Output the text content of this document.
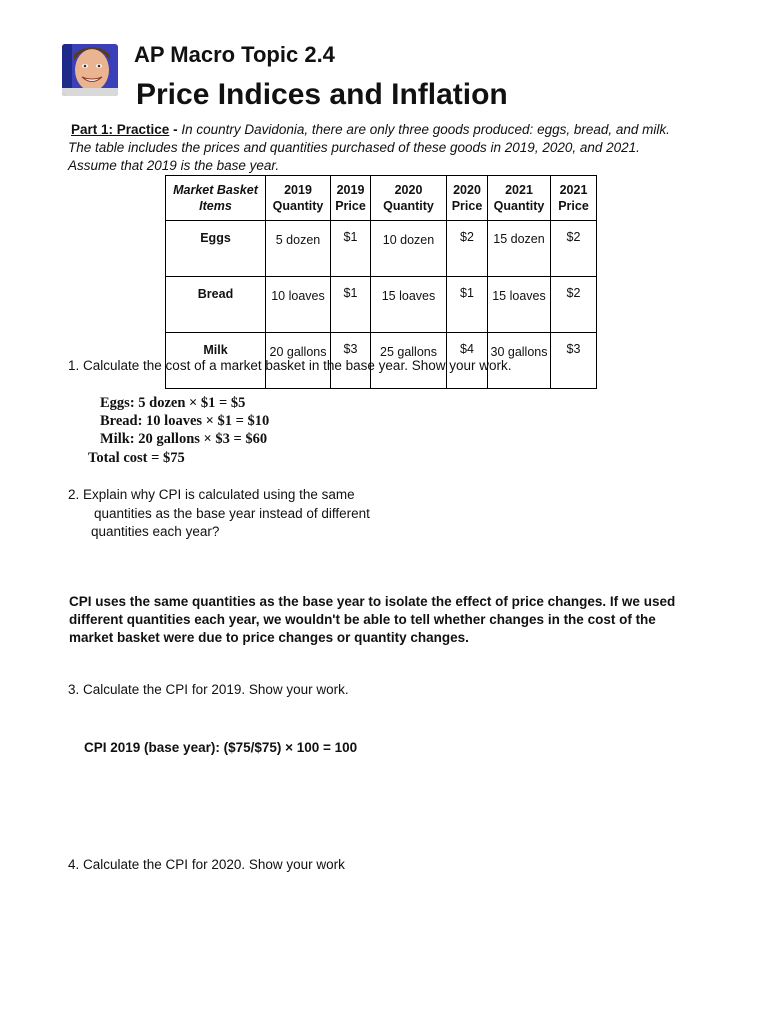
AP Macro Topic 2.4
Price Indices and Inflation
Part 1: Practice - In country Davidonia, there are only three goods produced: eggs, bread, and milk. The table includes the prices and quantities purchased of these goods in 2019, 2020, and 2021. Assume that 2019 is the base year.
Market Basket Items	2019 Quantity	2019 Price	2020 Quantity	2020 Price	2021 Quantity	2021 Price
Eggs	5 dozen	$1	10 dozen	$2	15 dozen	$2

Bread	10 loaves	$1	15 loaves	$1	15 loaves	$2

Milk	20 gallons	$3	25 gallons	$4	30 gallons	$3
1. Calculate the cost of a market basket in the base year. Show your work.
Eggs: 5 dozen × $1 = $5
Bread: 10 loaves × $1 = $10
Milk: 20 gallons × $3 = $60
Total cost = $75
2. Explain why CPI is calculated using the same
quantities as the base year instead of different
quantities each year?
CPI uses the same quantities as the base year to isolate the effect of price changes. If we used
different quantities each year, we wouldn't be able to tell whether changes in the cost of the
market basket were due to price changes or quantity changes.
3. Calculate the CPI for 2019. Show your work.
CPI 2019 (base year): ($75/$75) × 100 = 100
4. Calculate the CPI for 2020. Show your work
